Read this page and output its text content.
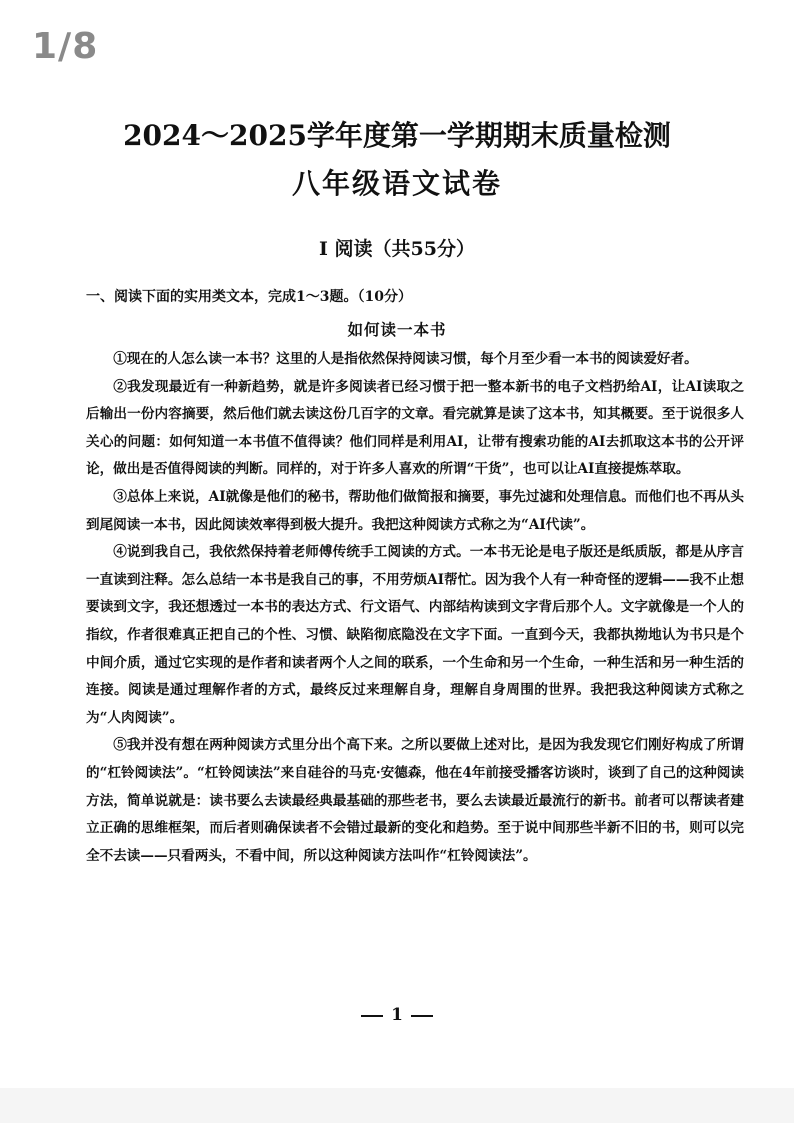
1/8
2024～2025学年度第一学期期末质量检测
八年级语文试卷
Ⅰ 阅读（共55分）
一、阅读下面的实用类文本，完成1～3题。（10分）
如何读一本书

①现在的人怎么读一本书？这里的人是指依然保持阅读习惯，每个月至少看一本书的阅读爱好者。

②我发现最近有一种新趋势，就是许多阅读者已经习惯于把一整本新书的电子文档扔给AI，让AI读取之后输出一份内容摘要，然后他们就去读这份几百字的文章。看完就算是读了这本书，知其概要。至于说很多人关心的问题：如何知道一本书值不值得读？他们同样是利用AI，让带有搜索功能的AI去抓取这本书的公开评论，做出是否值得阅读的判断。同样的，对于许多人喜欢的所谓“干货”，也可以让AI直接提炼萃取。

③总体上来说，AI就像是他们的秘书，帮助他们做简报和摘要，事先过滤和处理信息。而他们也不再从头到尾阅读一本书，因此阅读效率得到极大提升。我把这种阅读方式称之为“AI代读”。

④说到我自己，我依然保持着老师傅传统手工阅读的方式。一本书无论是电子版还是纸质版，都是从序言一直读到注释。怎么总结一本书是我自己的事，不用劳烦AI帮忙。因为我个人有一种奇怪的逻辑——我不止想要读到文字，我还想透过一本书的表达方式、行文语气、内部结构读到文字背后那个人。文字就像是一个人的指纹，作者很难真正把自己的个性、习惯、缺陷彻底隐没在文字下面。一直到今天，我都执拗地认为书只是个中间介质，通过它实现的是作者和读者两个人之间的联系，一个生命和另一个生命，一种生活和另一种生活的连接。阅读是通过理解作者的方式，最终反过来理解自身，理解自身周围的世界。我把我这种阅读方式称之为“人肉阅读”。

⑤我并没有想在两种阅读方式里分出个高下来。之所以要做上述对比，是因为我发现它们刚好构成了所谓的“杠铃阅读法”。“杠铃阅读法”来自硅谷的马克·安德森，他在4年前接受播客访谈时，谈到了自己的这种阅读方法，简单说就是：读书要么去读最经典最基础的那些老书，要么去读最近最流行的新书。前者可以帮读者建立正确的思维框架，而后者则确保读者不会错过最新的变化和趋势。至于说中间那些半新不旧的书，则可以完全不去读——只看两头，不看中间，所以这种阅读方法叫作“杠铃阅读法”。

1
